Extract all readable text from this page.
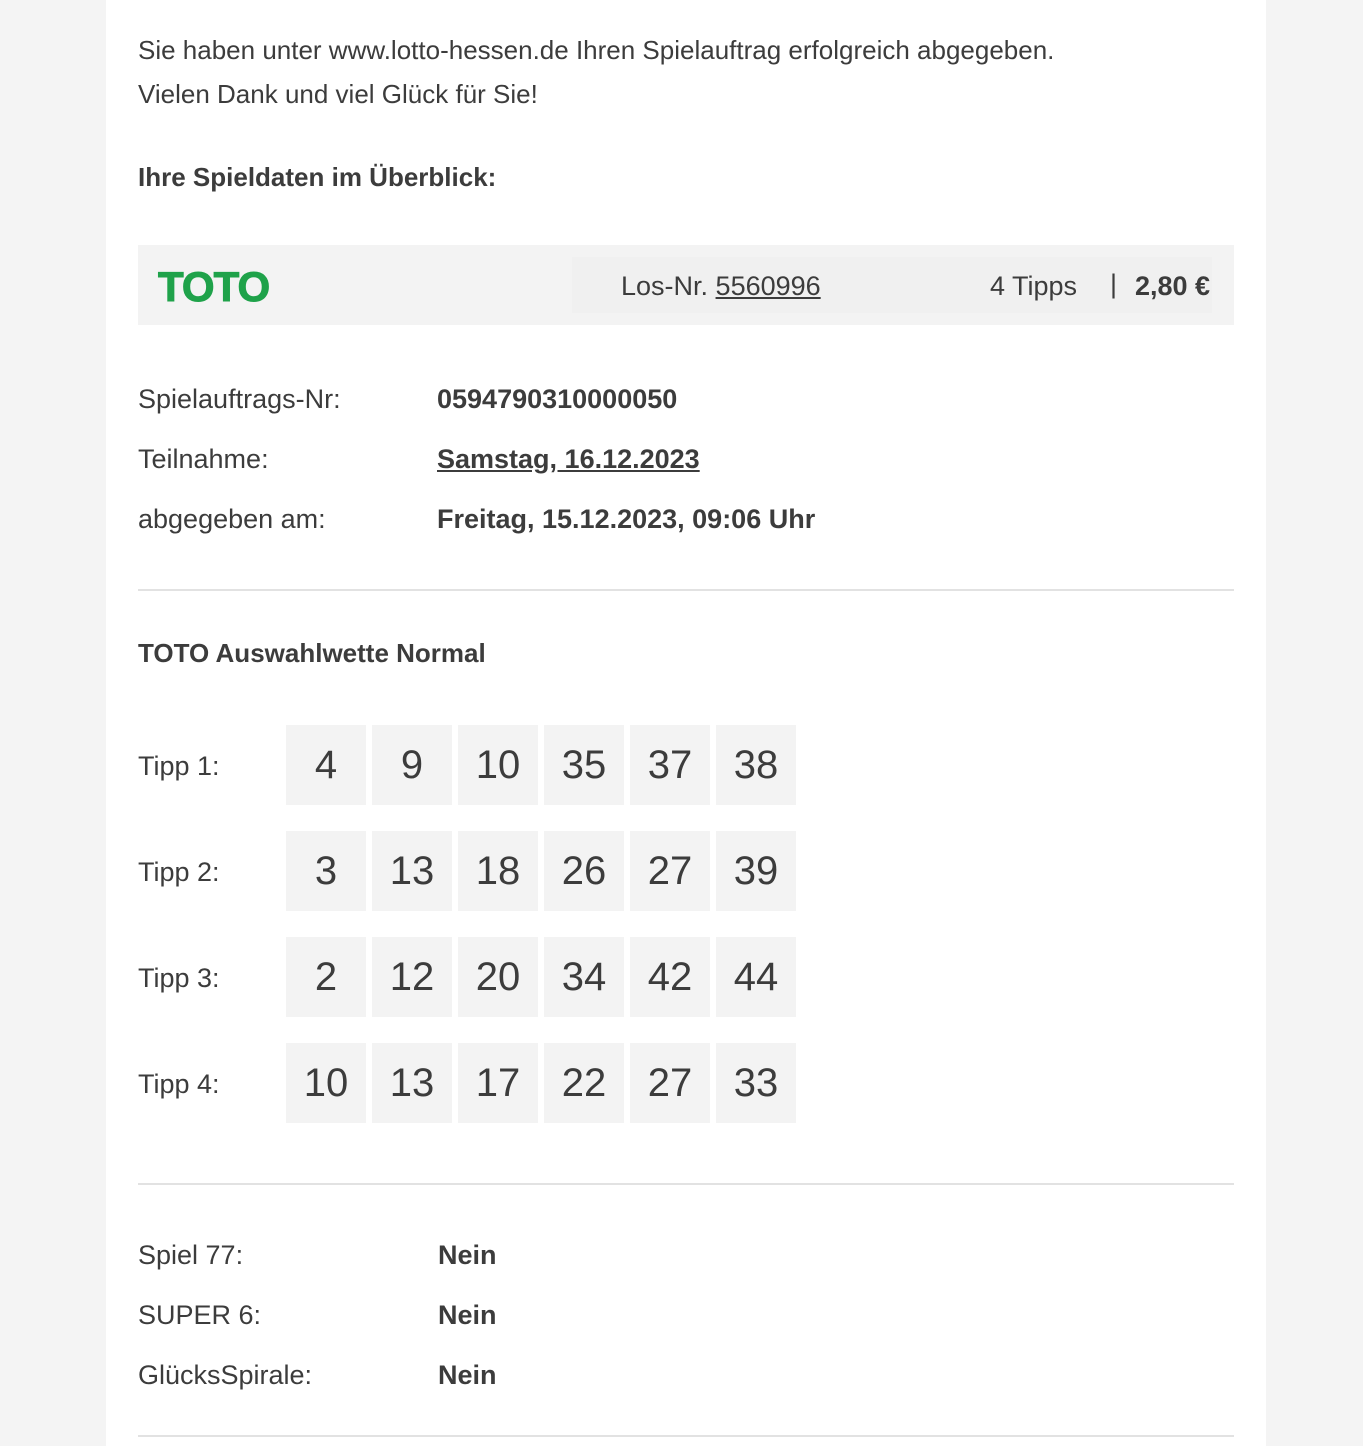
Sie haben unter www.lotto-hessen.de Ihren Spielauftrag erfolgreich abgegeben.

Vielen Dank und viel Glück für Sie!

Ihre Spieldaten im Überblick:
TOTO	Los-Nr. 5560996	4 Tipps | 2,80 €
Spielauftrags-Nr:	0594790310000050
Teilnahme:	Samstag, 16.12.2023
abgegeben am:	Freitag, 15.12.2023, 09:06 Uhr
TOTO Auswahlwette Normal
Tipp 1:	4	9	10	35	37	38
Tipp 2:	3	13	18	26	27	39
Tipp 3:	2	12	20	34	42	44
Tipp 4:	10	13	17	22	27	33
Spiel 77:	Nein
SUPER 6:	Nein
GlücksSpirale:	Nein
